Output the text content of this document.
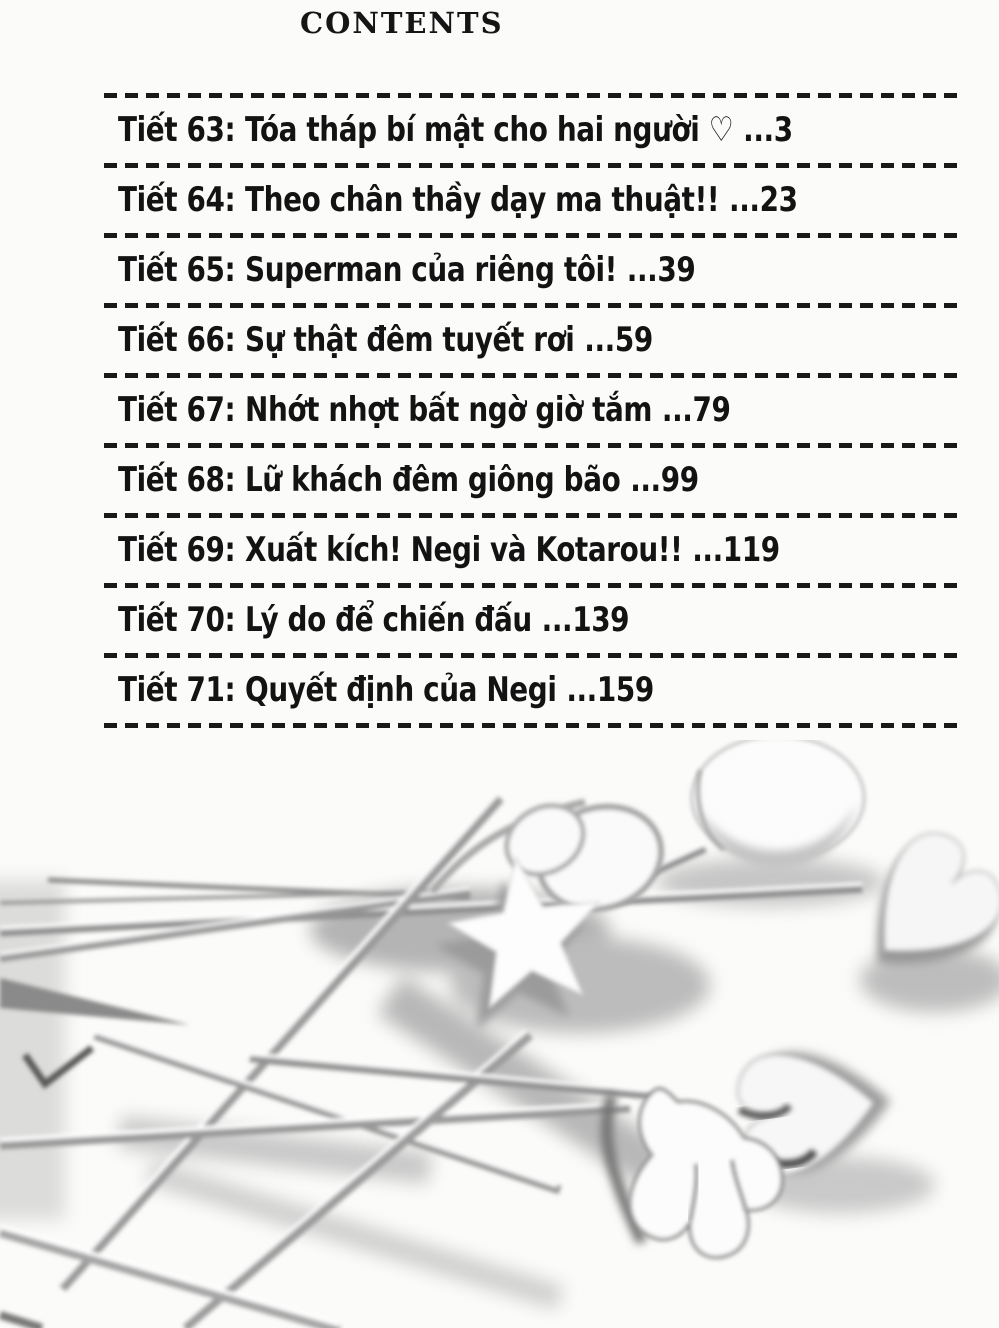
CONTENTS
Tiết 63: Tóa tháp bí mật cho hai người ♡ ...3
Tiết 64: Theo chân thầy dạy ma thuật!! ...23
Tiết 65: Superman của riêng tôi! ...39
Tiết 66: Sự thật đêm tuyết rơi ...59
Tiết 67: Nhớt nhợt bất ngờ giờ tắm ...79
Tiết 68: Lữ khách đêm giông bão ...99
Tiết 69: Xuất kích! Negi và Kotarou!! ...119
Tiết 70: Lý do để chiến đấu ...139
Tiết 71: Quyết định của Negi ...159
